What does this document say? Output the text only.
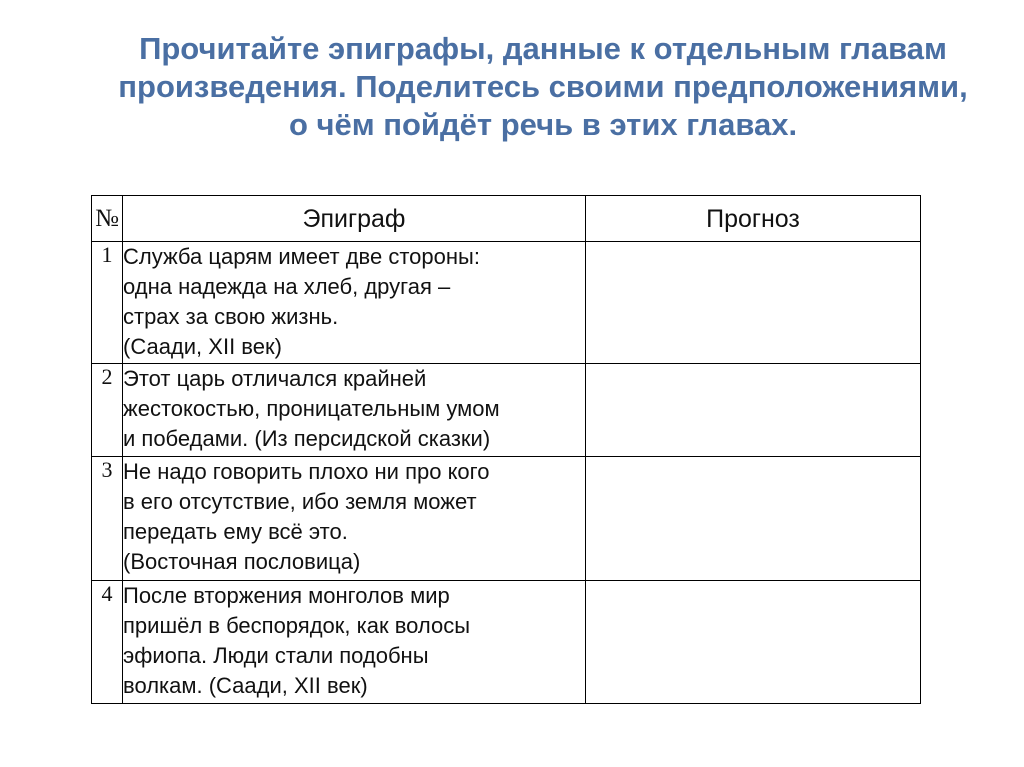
Прочитайте эпиграфы, данные к отдельным главам произведения. Поделитесь своими предположениями, о чём пойдёт речь в этих главах.
№	Эпиграф	Прогноз
1	Служба царям имеет две стороны:
одна надежда на хлеб, другая –
страх за свою жизнь.
(Саади, XII век)	
2	Этот царь отличался крайней
жестокостью, проницательным умом
и победами. (Из персидской сказки)	
3	Не надо говорить плохо ни про кого
в его отсутствие, ибо земля может
передать ему всё это.
(Восточная пословица)	
4	После вторжения монголов мир
пришёл в беспорядок, как волосы
эфиопа. Люди стали подобны
волкам. (Саади, XII век)	
